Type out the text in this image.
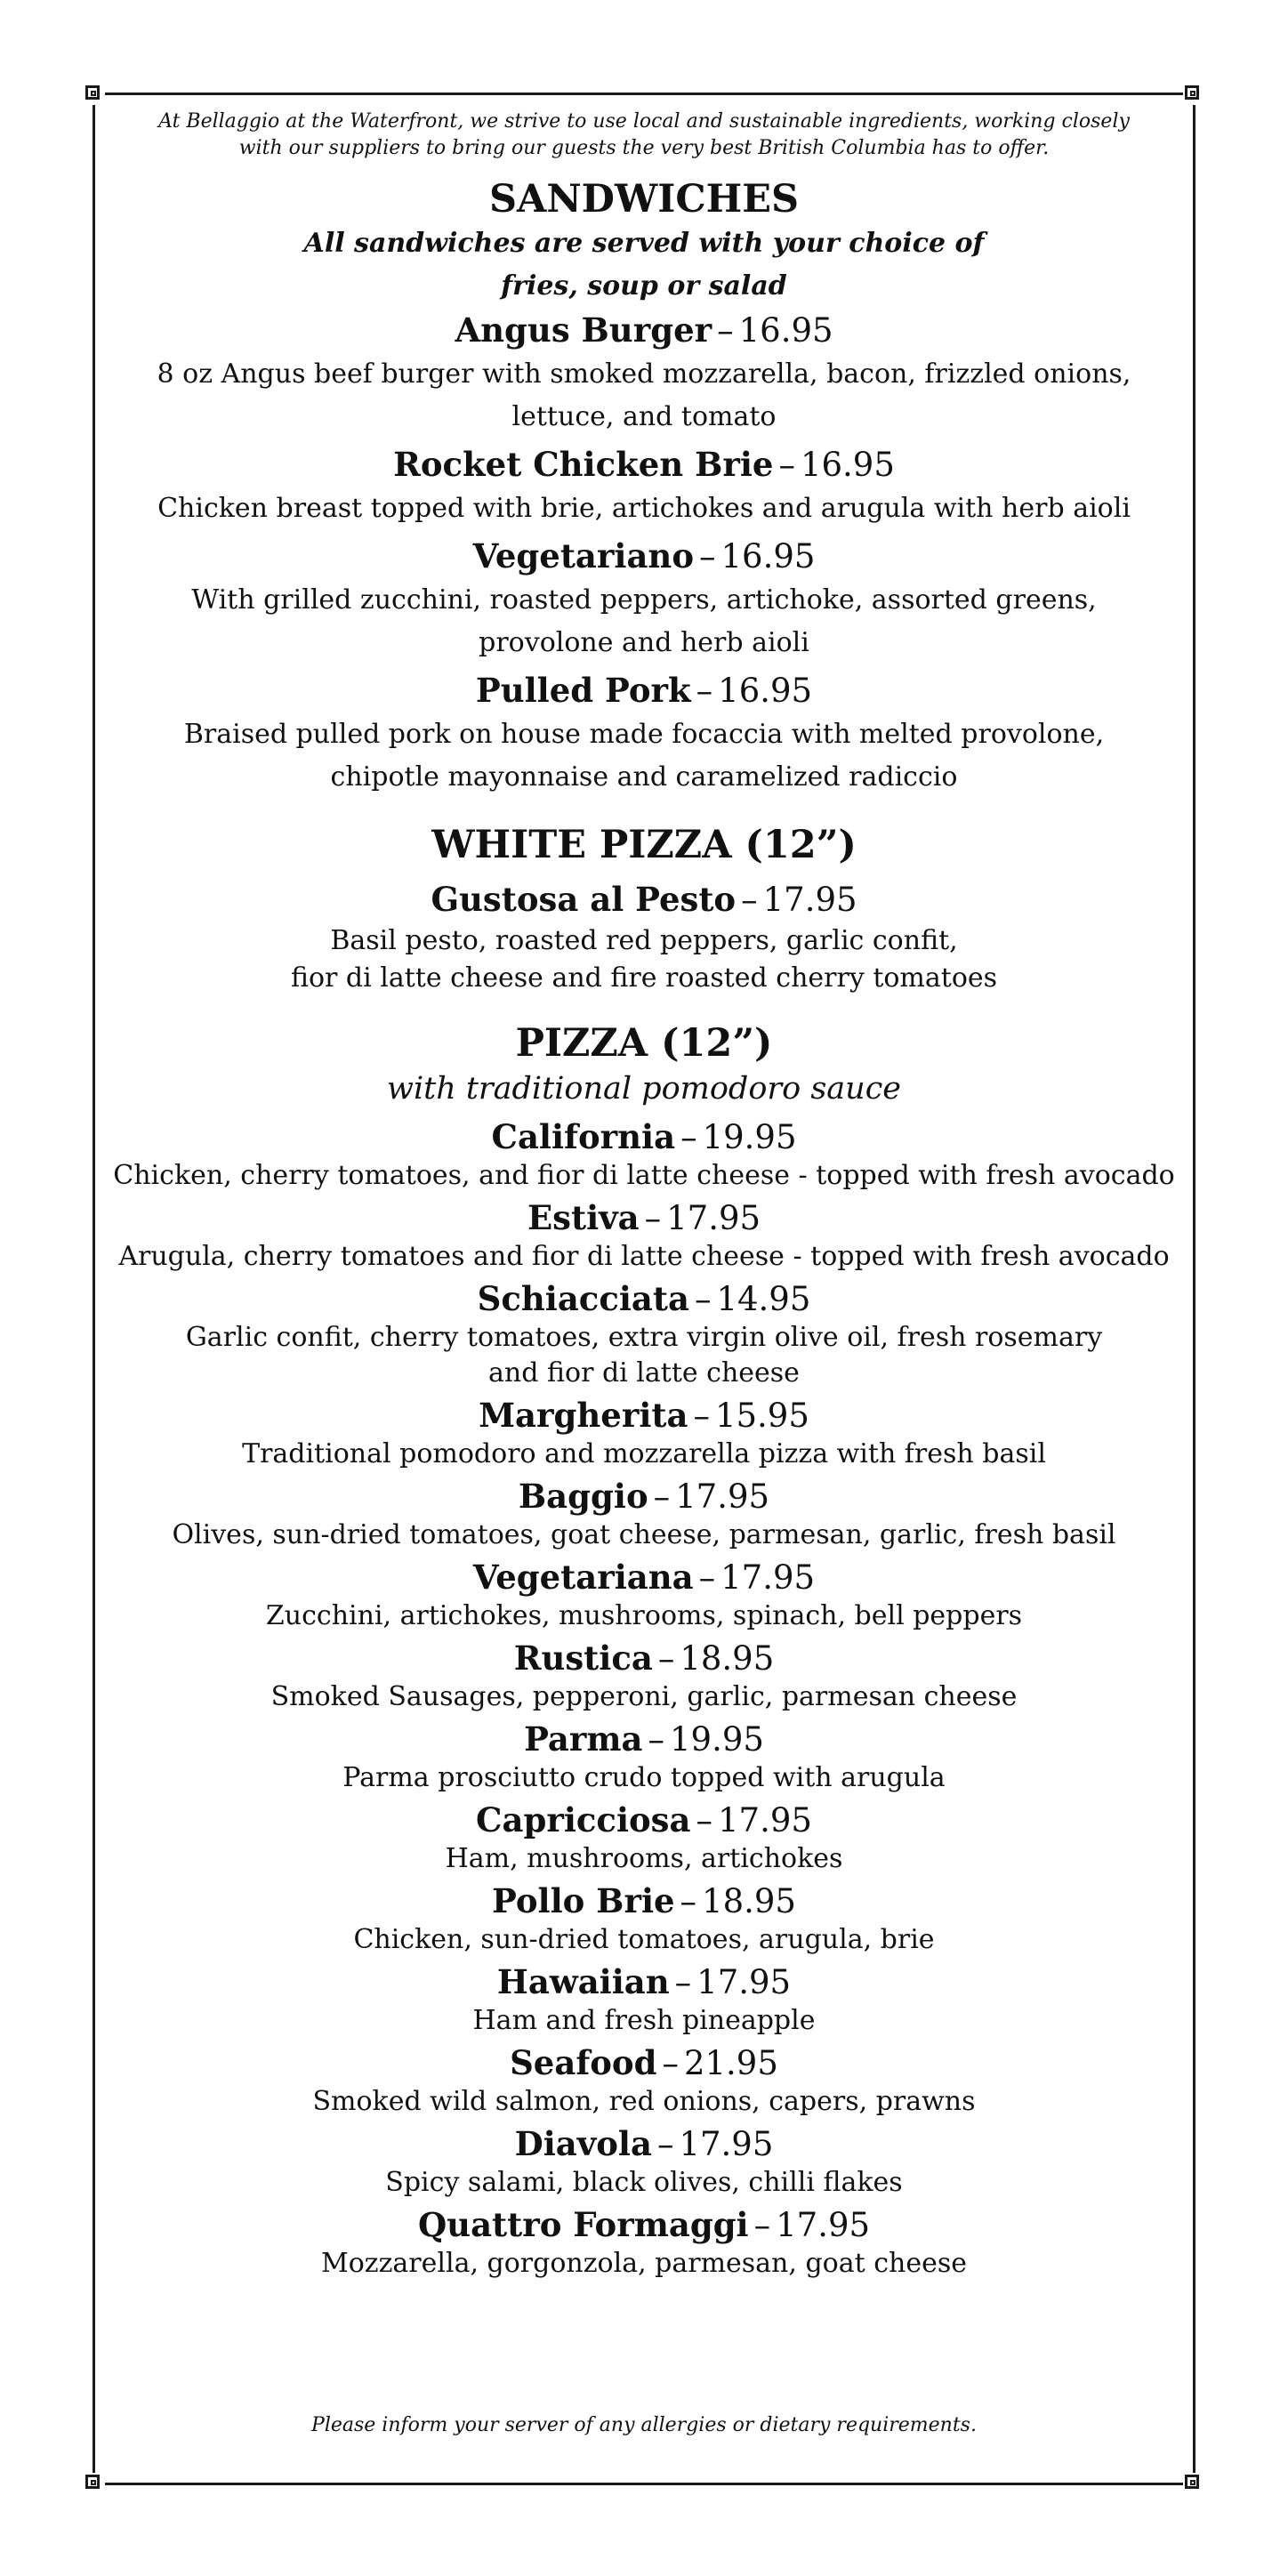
At Bellaggio at the Waterfront, we strive to use local and sustainable ingredients, working closely
with our suppliers to bring our guests the very best British Columbia has to offer.
SANDWICHES
All sandwiches are served with your choice of
fries, soup or salad
Angus Burger – 16.95
8 oz Angus beef burger with smoked mozzarella, bacon, frizzled onions,
lettuce, and tomato
Rocket Chicken Brie – 16.95
Chicken breast topped with brie, artichokes and arugula with herb aioli
Vegetariano – 16.95
With grilled zucchini, roasted peppers, artichoke, assorted greens,
provolone and herb aioli
Pulled Pork – 16.95
Braised pulled pork on house made focaccia with melted provolone,
chipotle mayonnaise and caramelized radiccio
WHITE PIZZA (12”)
Gustosa al Pesto – 17.95
Basil pesto, roasted red peppers, garlic confit,
fior di latte cheese and fire roasted cherry tomatoes
PIZZA (12”)
with traditional pomodoro sauce
California – 19.95
Chicken, cherry tomatoes, and fior di latte cheese - topped with fresh avocado
Estiva – 17.95
Arugula, cherry tomatoes and fior di latte cheese - topped with fresh avocado
Schiacciata – 14.95
Garlic confit, cherry tomatoes, extra virgin olive oil, fresh rosemary
and fior di latte cheese
Margherita – 15.95
Traditional pomodoro and mozzarella pizza with fresh basil
Baggio – 17.95
Olives, sun-dried tomatoes, goat cheese, parmesan, garlic, fresh basil
Vegetariana – 17.95
Zucchini, artichokes, mushrooms, spinach, bell peppers
Rustica – 18.95
Smoked Sausages, pepperoni, garlic, parmesan cheese
Parma – 19.95
Parma prosciutto crudo topped with arugula
Capricciosa – 17.95
Ham, mushrooms, artichokes
Pollo Brie – 18.95
Chicken, sun-dried tomatoes, arugula, brie
Hawaiian – 17.95
Ham and fresh pineapple
Seafood – 21.95
Smoked wild salmon, red onions, capers, prawns
Diavola – 17.95
Spicy salami, black olives, chilli flakes
Quattro Formaggi – 17.95
Mozzarella, gorgonzola, parmesan, goat cheese
Please inform your server of any allergies or dietary requirements.
